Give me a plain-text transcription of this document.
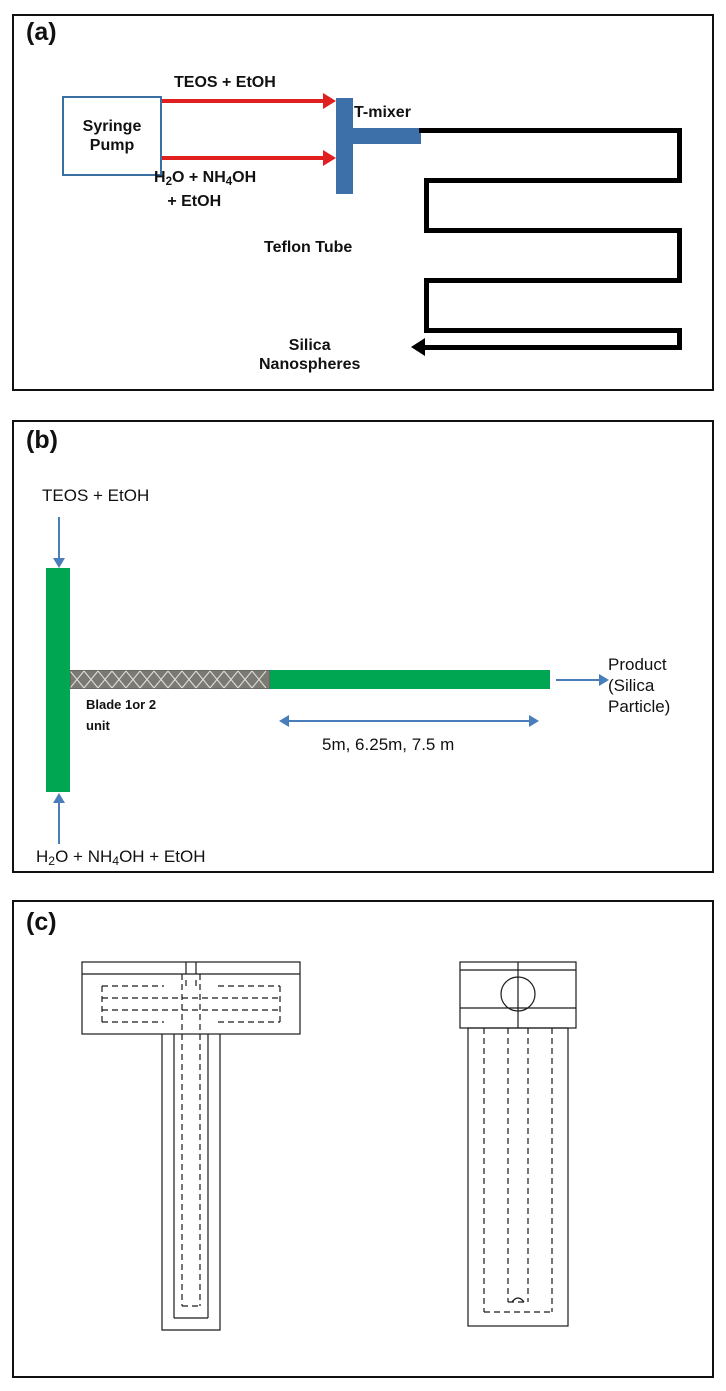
(a)
Syringe
Pump
TEOS + EtOH
$H_2O + NH_4OH$
+ EtOH
T-mixer
Silica
Nanospheres
Teflon Tube
(b)
TEOS + EtOH
Blade 1or 2
unit
5m, 6.25m, 7.5 m
Product
(Silica
Particle)
$H_2O + NH_4OH$ + EtOH
(c)
